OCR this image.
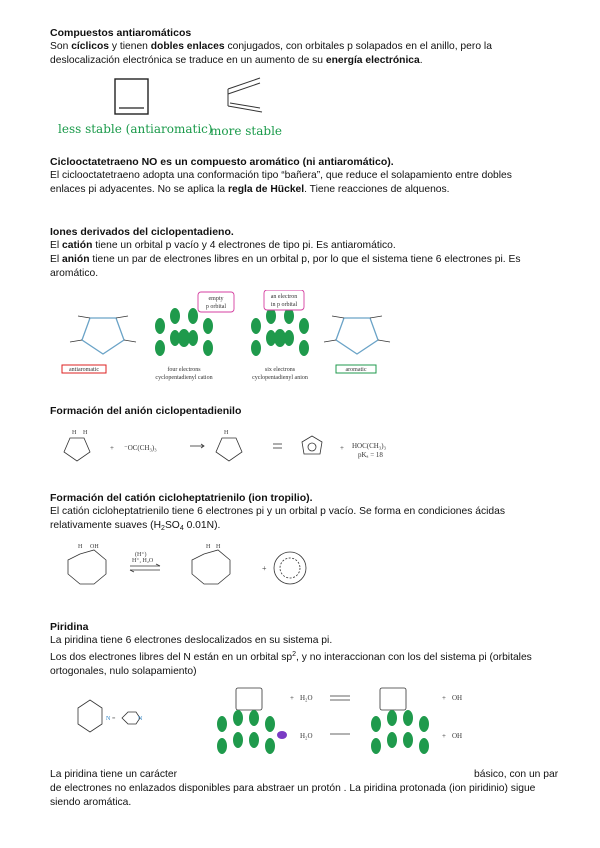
Compuestos antiaromáticos

Son cíclicos y tienen dobles enlaces conjugados, con orbitales p solapados en el anillo, pero la deslocalización electrónica se traduce en un aumento de su energía electrónica.

less stable (antiaromatic)
more stable
Ciclooctatetraeno NO es un compuesto aromático (ni antiaromático).

El ciclooctatetraeno adopta una conformación tipo “bañera”, que reduce el solapamiento entre dobles enlaces pi adyacentes. No se aplica la regla de Hückel. Tiene reacciones de alquenos.

Iones derivados del ciclopentadieno.

El catión tiene un orbital p vacío y 4 electrones de tipo pi. Es antiaromático.

El anión tiene un par de electrones libres en un orbital p, por lo que el sistema tiene 6 electrones pi. Es aromático.

antiaromatic
empty
p orbital
four electrons
cyclopentadienyl cation
an electron
in p orbital
six electrons
cyclopentadienyl anion
aromatic
Formación del anión ciclopentadienilo
+ ⁻OC(CH₃)₃	+ HOC(CH₃)₃
pKₐ = 18
H H	H
Formación del catión cicloheptatrienilo (ion tropilio).

El catión cicloheptatrienilo tiene 6 electrones pi y un orbital p vacío. Se forma en condiciones ácidas relativamente suaves ($H_2SO_4$ 0.01N).

(H⁺)
H⁺, H₂O
+
H OH	H H
Piridina

La piridina tiene 6 electrones deslocalizados en su sistema pi.

Los dos electrones libres del N están en un orbital $sp^2$, y no interaccionan con los del sistema pi (orbitales ortogonales, nulo solapamiento)

N =	N
+ H₂O
H₂O
+ OH
+ OH

La piridina tiene un carácter	básico, con un par

de electrones no enlazados disponibles para abstraer un protón . La piridina protonada (ion piridinio) sigue siendo aromática.
